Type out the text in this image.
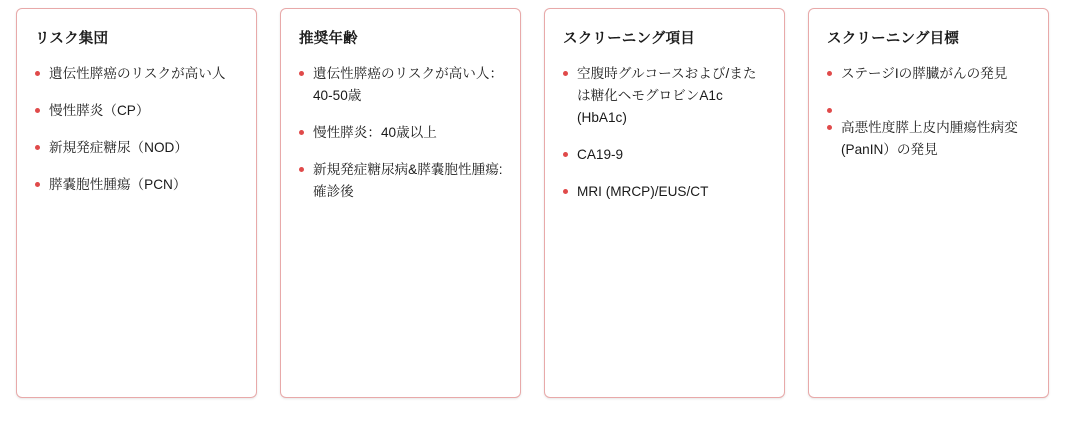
リスク集団
遺伝性膵癌のリスクが高い人
慢性膵炎（CP）
新規発症糖尿（NOD）
膵嚢胞性腫瘍（PCN）
推奨年齢
遺伝性膵癌のリスクが高い人：40-50歳
慢性膵炎：40歳以上
新規発症糖尿病&膵嚢胞性腫瘍:確診後
スクリーニング項目
空腹時グルコースおよび/または糖化ヘモグロビンA1c (HbA1c)
CA19-9
MRI (MRCP)/EUS/CT
スクリーニング目標
ステージIの膵臓がんの発見
高悪性度膵上皮内腫瘍性病変(PanIN）の発見
